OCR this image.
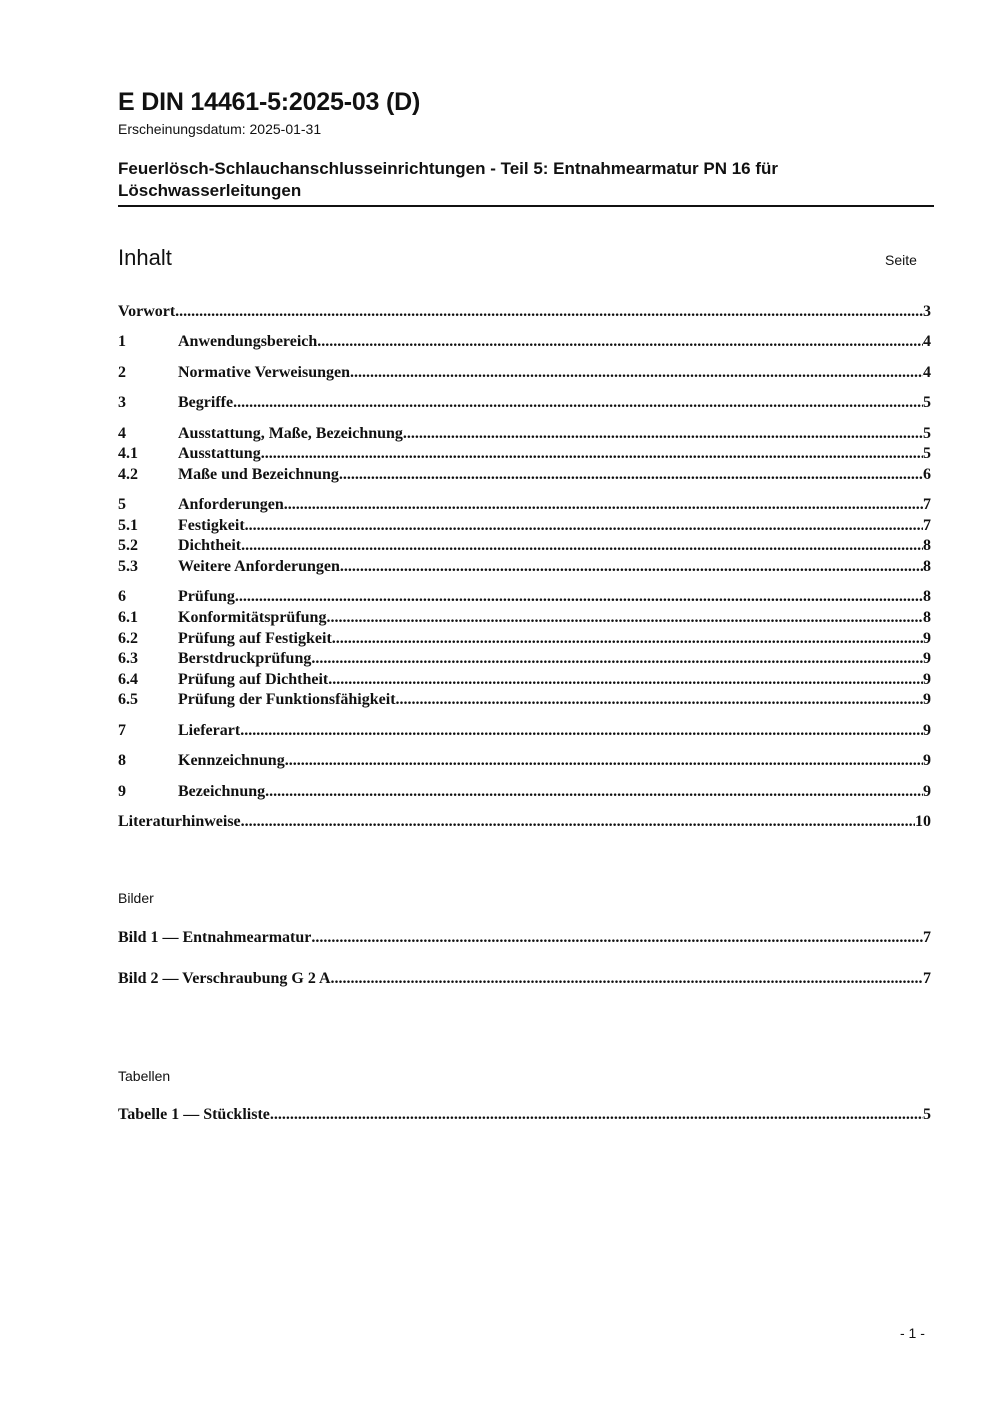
E DIN 14461-5:2025-03 (D)
Erscheinungsdatum: 2025-01-31
Feuerlösch-Schlauchanschlusseinrichtungen - Teil 5: Entnahmearmatur PN 16 für Löschwasserleitungen
Inhalt	Seite
Vorwort .....	3
1	Anwendungsbereich .....	4
2	Normative Verweisungen .....	4
3	Begriffe .....	5
4	Ausstattung, Maße, Bezeichnung .....	5
4.1	Ausstattung .....	5
4.2	Maße und Bezeichnung .....	6
5	Anforderungen .....	7
5.1	Festigkeit .....	7
5.2	Dichtheit .....	8
5.3	Weitere Anforderungen .....	8
6	Prüfung .....	8
6.1	Konformitätsprüfung .....	8
6.2	Prüfung auf Festigkeit .....	9
6.3	Berstdruckprüfung .....	9
6.4	Prüfung auf Dichtheit .....	9
6.5	Prüfung der Funktionsfähigkeit .....	9
7	Lieferart .....	9
8	Kennzeichnung .....	9
9	Bezeichnung .....	9
Literaturhinweise .....	10
Bilder
Bild 1 — Entnahmearmatur .....	7
Bild 2 — Verschraubung G 2 A .....	7
Tabellen
Tabelle 1 — Stückliste .....	5
- 1 -
